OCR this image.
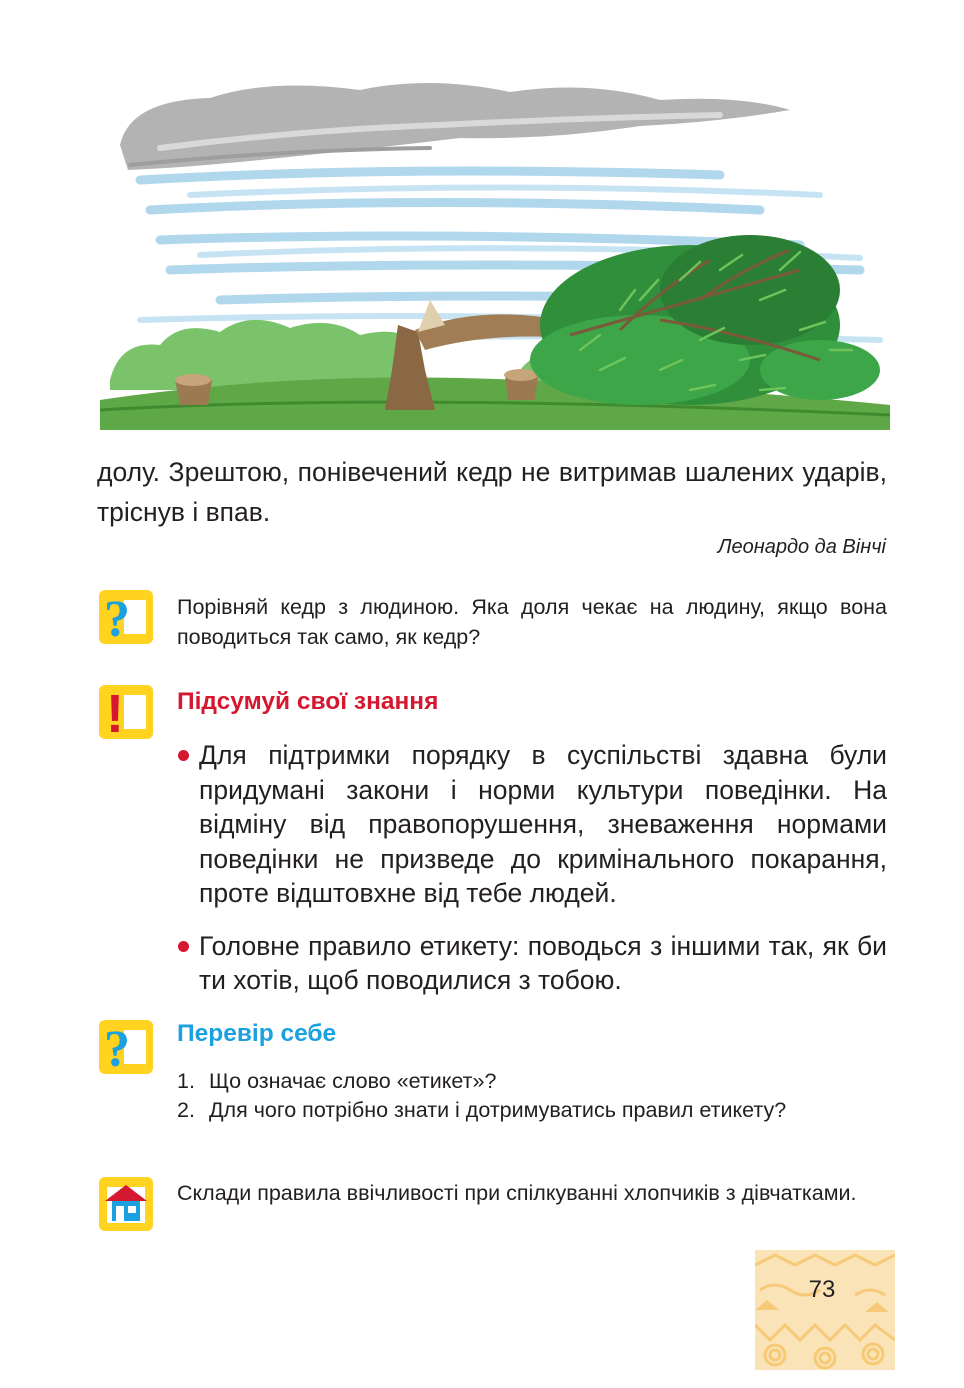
долу. Зрештою, понівечений кедр не витримав шалених ударів, тріснув і впав.
Леонардо да Вінчі
? Порівняй кедр з людиною. Яка доля чекає на людину, якщо вона поводиться так само, як кедр?
! Підсумуй свої знання
Для підтримки порядку в суспільстві здавна були придумані закони і норми культури поведінки. На відміну від правопорушення, зневаження нормами поведінки не призведе до кримінального покарання, проте відштовхне від тебе людей.
Головне правило етикету: поводься з іншими так, як би ти хотів, щоб поводилися з тобою.
? Перевір себе
1. Що означає слово «етикет»?
2. Для чого потрібно знати і дотримуватись правил етикету?
Склади правила ввічливості при спілкуванні хлопчиків з дівчатками.
73
